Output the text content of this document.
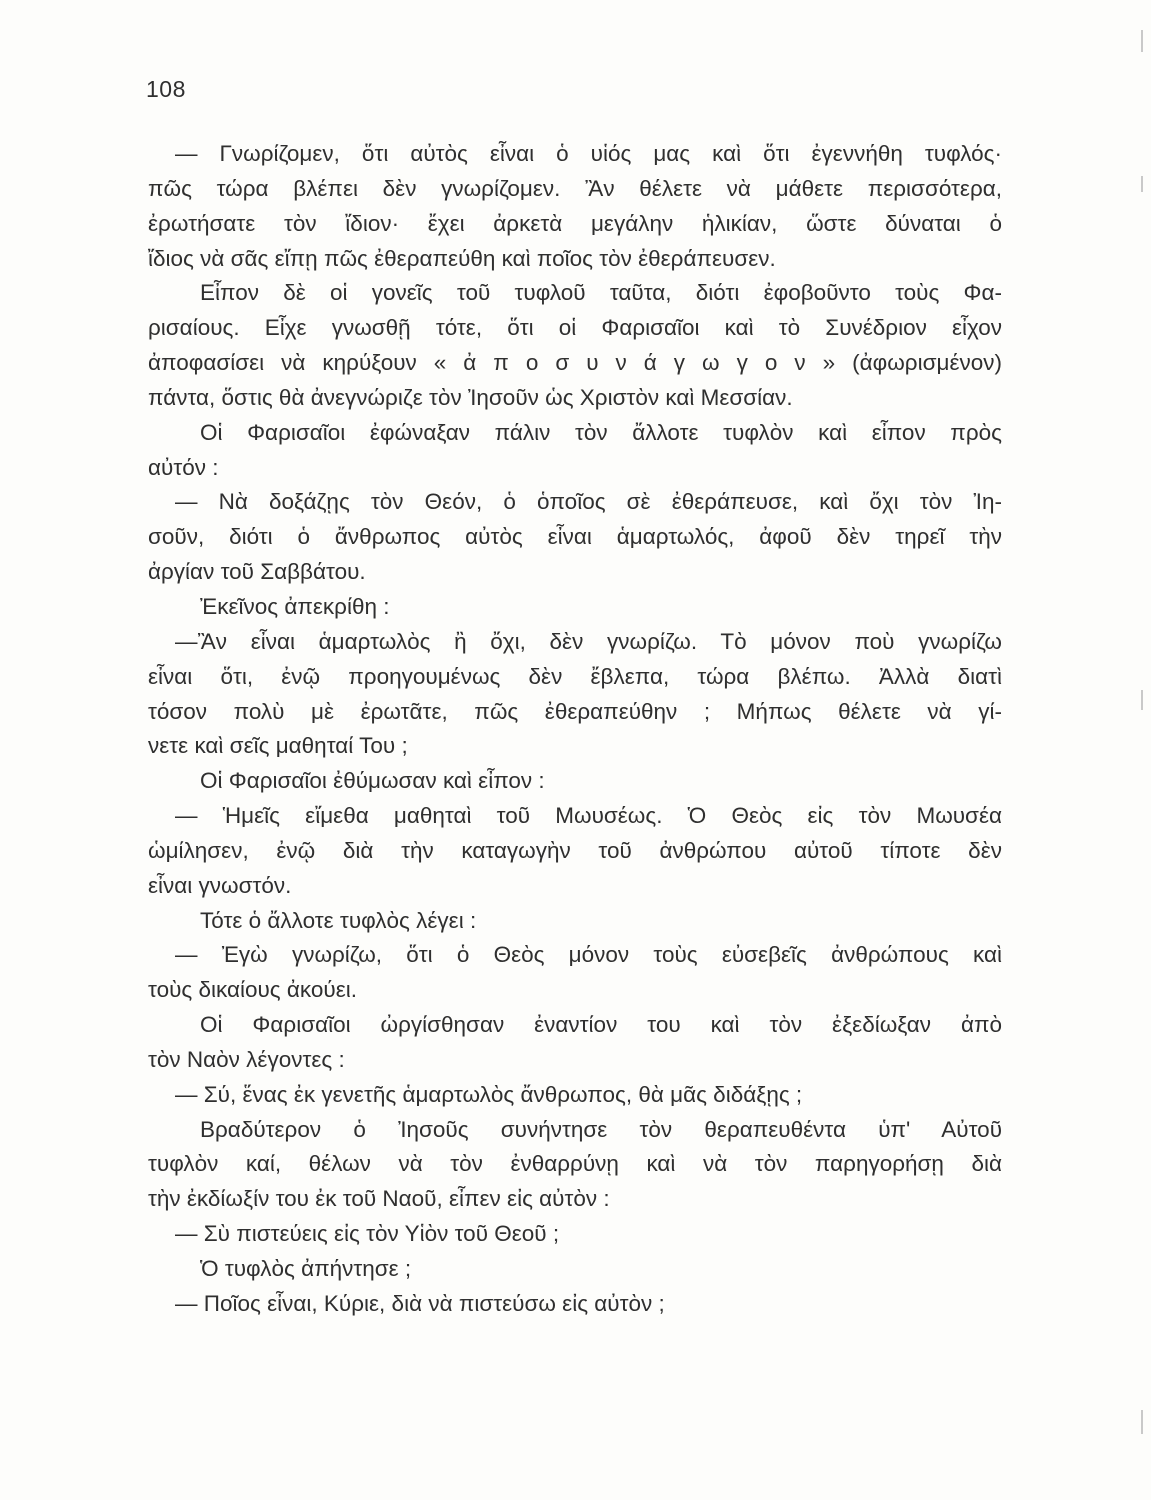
108
— Γνωρίζομεν, ὅτι αὐτὸς εἶναι ὁ υἱός μας καὶ ὅτι ἐγεννήθη τυφλός·
πῶς τώρα βλέπει δὲν γνωρίζομεν. Ἂν θέλετε νὰ μάθετε περισσότερα,
ἐρωτήσατε τὸν ἴδιον· ἔχει ἀρκετὰ μεγάλην ἡλικίαν, ὥστε δύναται ὁ
ἴδιος νὰ σᾶς εἴπῃ πῶς ἐθεραπεύθη καὶ ποῖος τὸν ἐθεράπευσεν.
Εἶπον δὲ οἱ γονεῖς τοῦ τυφλοῦ ταῦτα, διότι ἐφοβοῦντο τοὺς Φα-
ρισαίους. Εἶχε γνωσθῇ τότε, ὅτι οἱ Φαρισαῖοι καὶ τὸ Συνέδριον εἶχον
ἀποφασίσει νὰ κηρύξουν « ἀ π ο σ υ ν ά γ ω γ ο ν » (ἀφωρισμένον)
πάντα, ὅστις θὰ ἀνεγνώριζε τὸν Ἰησοῦν ὡς Χριστὸν καὶ Μεσσίαν.
Οἱ Φαρισαῖοι ἐφώναξαν πάλιν τὸν ἄλλοτε τυφλὸν καὶ εἶπον πρὸς
αὐτόν :
— Νὰ δοξάζῃς τὸν Θεόν, ὁ ὁποῖος σὲ ἐθεράπευσε, καὶ ὄχι τὸν Ἰη-
σοῦν, διότι ὁ ἄνθρωπος αὐτὸς εἶναι ἁμαρτωλός, ἀφοῦ δὲν τηρεῖ τὴν
ἀργίαν τοῦ Σαββάτου.
Ἐκεῖνος ἀπεκρίθη :
—Ἂν εἶναι ἁμαρτωλὸς ἢ ὄχι, δὲν γνωρίζω. Τὸ μόνον ποὺ γνωρίζω
εἶναι ὅτι, ἐνῷ προηγουμένως δὲν ἔβλεπα, τώρα βλέπω. Ἀλλὰ διατὶ
τόσον πολὺ μὲ ἐρωτᾶτε, πῶς ἐθεραπεύθην ; Μήπως θέλετε νὰ γί-
νετε καὶ σεῖς μαθηταί Του ;
Οἱ Φαρισαῖοι ἐθύμωσαν καὶ εἶπον :
— Ἡμεῖς εἴμεθα μαθηταὶ τοῦ Μωυσέως. Ὁ Θεὸς εἰς τὸν Μωυσέα
ὡμίλησεν, ἐνῷ διὰ τὴν καταγωγὴν τοῦ ἀνθρώπου αὐτοῦ τίποτε δὲν
εἶναι γνωστόν.
Τότε ὁ ἄλλοτε τυφλὸς λέγει :
— Ἐγὼ γνωρίζω, ὅτι ὁ Θεὸς μόνον τοὺς εὐσεβεῖς ἀνθρώπους καὶ
τοὺς δικαίους ἀκούει.
Οἱ Φαρισαῖοι ὠργίσθησαν ἐναντίον του καὶ τὸν ἐξεδίωξαν ἀπὸ
τὸν Ναὸν λέγοντες :
— Σύ, ἕνας ἐκ γενετῆς ἁμαρτωλὸς ἄνθρωπος, θὰ μᾶς διδάξῃς ;
Βραδύτερον ὁ Ἰησοῦς συνήντησε τὸν θεραπευθέντα ὑπ' Αὐτοῦ
τυφλὸν καί, θέλων νὰ τὸν ἐνθαρρύνῃ καὶ νὰ τὸν παρηγορήσῃ διὰ
τὴν ἐκδίωξίν του ἐκ τοῦ Ναοῦ, εἶπεν εἰς αὐτὸν :
— Σὺ πιστεύεις εἰς τὸν Υἱὸν τοῦ Θεοῦ ;
Ὁ τυφλὸς ἀπήντησε ;
— Ποῖος εἶναι, Κύριε, διὰ νὰ πιστεύσω εἰς αὐτὸν ;
